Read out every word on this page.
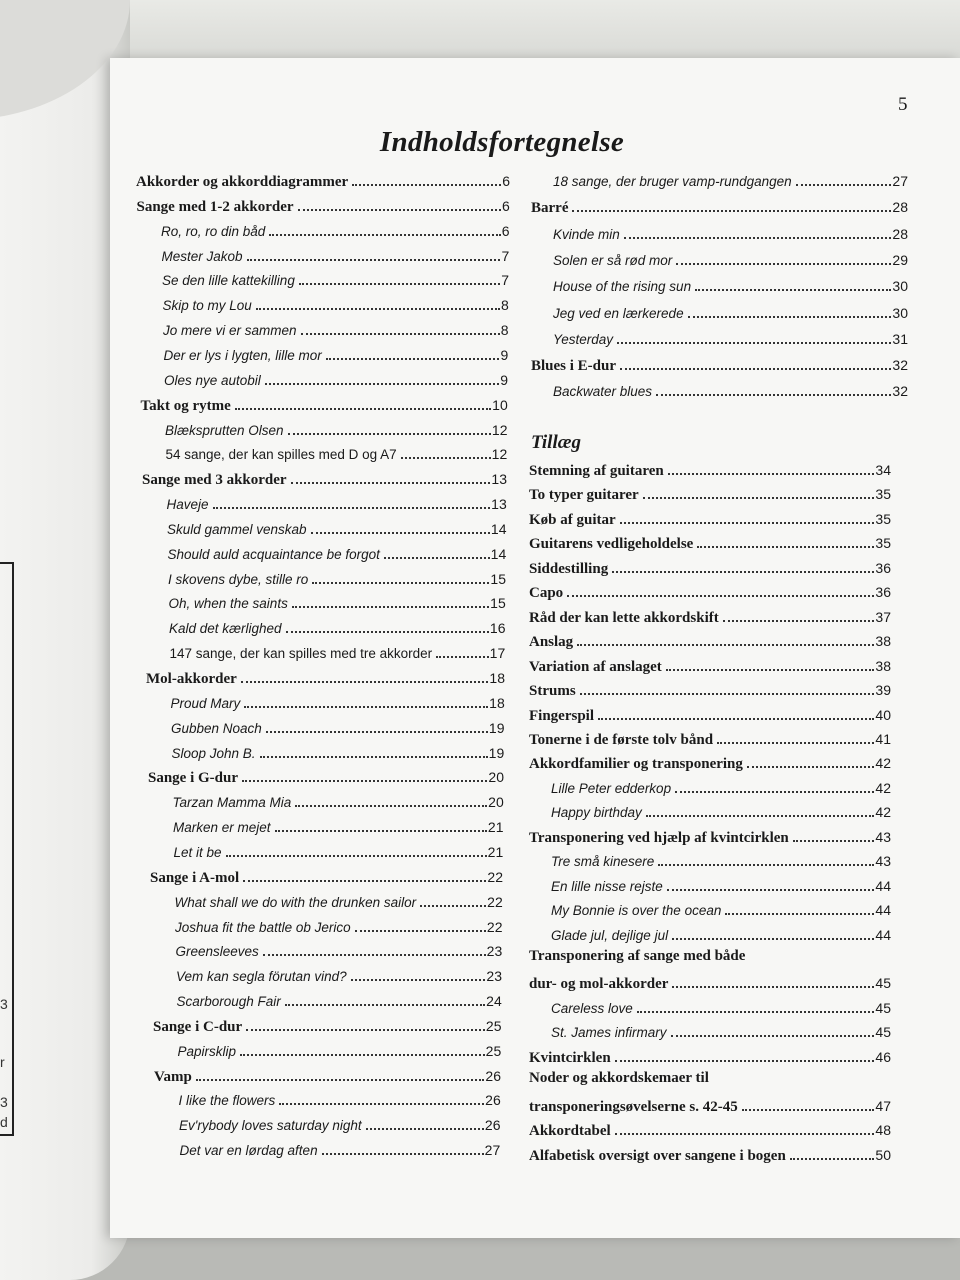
3
r
3
d
5
Indholdsfortegnelse
Tillæg
Akkorder og akkorddiagrammer	6
Sange med 1-2 akkorder	6
Ro, ro, ro din båd	6
Mester Jakob	7
Se den lille kattekilling	7
Skip to my Lou	8
Jo mere vi er sammen	8
Der er lys i lygten, lille mor	9
Oles nye autobil	9
Takt og rytme	10
Blæksprutten Olsen	12
54 sange, der kan spilles med D og A7	12
Sange med 3 akkorder	13
Haveje	13
Skuld gammel venskab	14
Should auld acquaintance be forgot	14
I skovens dybe, stille ro	15
Oh, when the saints	15
Kald det kærlighed	16
147 sange, der kan spilles med tre akkorder	17
Mol-akkorder	18
Proud Mary	18
Gubben Noach	19
Sloop John B.	19
Sange i G-dur	20
Tarzan Mamma Mia	20
Marken er mejet	21
Let it be	21
Sange i A-mol	22
What shall we do with the drunken sailor	22
Joshua fit the battle ob Jerico	22
Greensleeves	23
Vem kan segla förutan vind?	23
Scarborough Fair	24
Sange i C-dur	25
Papirsklip	25
Vamp	26
I like the flowers	26
Ev'rybody loves saturday night	26
Det var en lørdag aften	27
18 sange, der bruger vamp-rundgangen	27
Barré	28
Kvinde min	28
Solen er så rød mor	29
House of the rising sun	30
Jeg ved en lærkerede	30
Yesterday	31
Blues i E-dur	32
Backwater blues	32
Stemning af guitaren	34
To typer guitarer	35
Køb af guitar	35
Guitarens vedligeholdelse	35
Siddestilling	36
Capo	36
Råd der kan lette akkordskift	37
Anslag	38
Variation af anslaget	38
Strums	39
Fingerspil	40
Tonerne i de første tolv bånd	41
Akkordfamilier og transponering	42
Lille Peter edderkop	42
Happy birthday	42
Transponering ved hjælp af kvintcirklen	43
Tre små kinesere	43
En lille nisse rejste	44
My Bonnie is over the ocean	44
Glade jul, dejlige jul	44
Transponering af sange med både
dur- og mol-akkorder	45
Careless love	45
St. James infirmary	45
Kvintcirklen	46
Noder og akkordskemaer til
transponeringsøvelserne s. 42-45	47
Akkordtabel	48
Alfabetisk oversigt over sangene i bogen	50
